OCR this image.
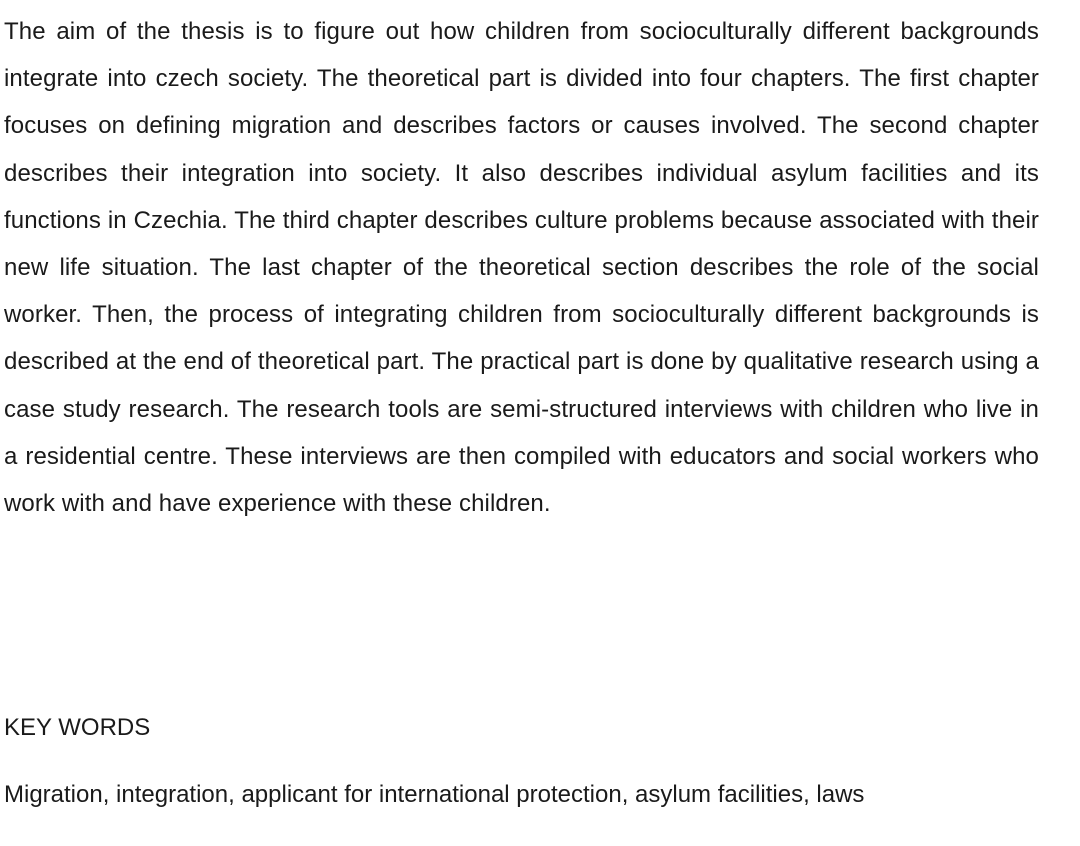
The aim of the thesis is to figure out how children from socioculturally different backgrounds integrate into czech society. The theoretical part is divided into four chapters. The first chapter focuses on defining migration and describes factors or causes involved. The second chapter describes their integration into society. It also describes individual asylum facilities and its functions in Czechia. The third chapter describes culture problems because associated with their new life situation. The last chapter of the theoretical section describes the role of the social worker. Then, the process of integrating children from socioculturally different backgrounds is described at the end of theoretical part. The practical part is done by qualitative research using a case study research. The research tools are semi-structured interviews with children who live in a residential centre. These interviews are then compiled with educators and social workers who work with and have experience with these children.

KEY WORDS

Migration, integration, applicant for international protection, asylum facilities, laws
